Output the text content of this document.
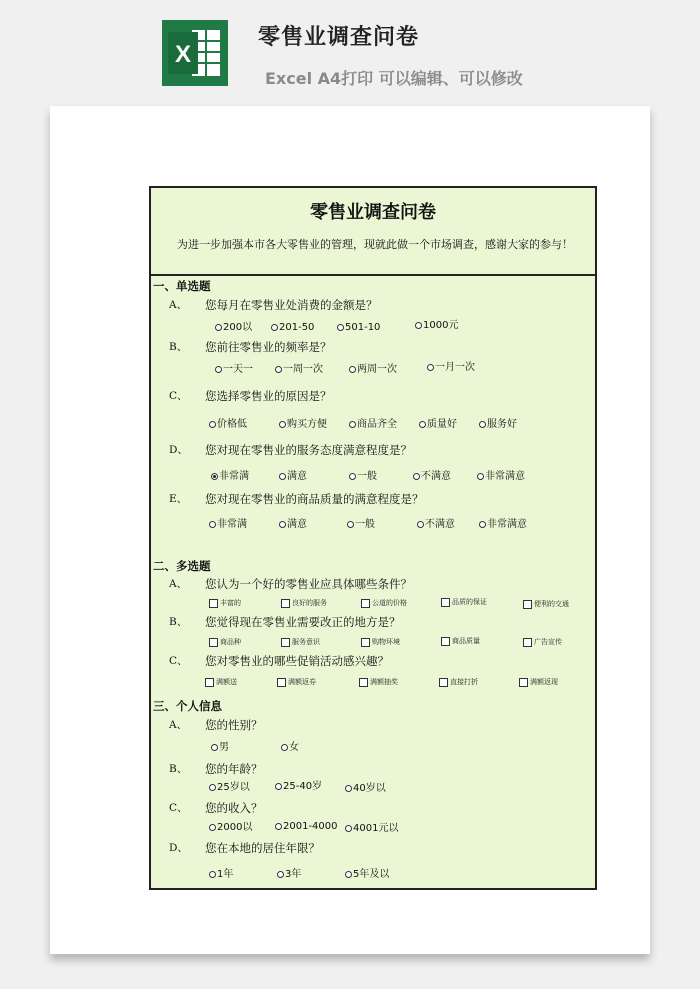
X
零售业调查问卷
Excel A4打印 可以编辑、可以修改
零售业调查问卷
为进一步加强本市各大零售业的管理，现就此做一个市场调查，感谢大家的参与！
一、单选题
A、 您每月在零售业处消费的金额是？
200以	201-50	501-10	1000元
B、 您前往零售业的频率是？
一天一	一周一次	两周一次	一月一次
C、 您选择零售业的原因是？
价格低	购买方便	商品齐全	质量好	服务好
D、 您对现在零售业的服务态度满意程度是？
非常满	满意	一般	不满意	非常满意
E、 您对现在零售业的商品质量的满意程度是？
非常满	满意	一般	不满意	非常满意
二、多选题
A、 您认为一个好的零售业应具体哪些条件？
丰富的	良好的服务	公道的价格	品质的保证	便利的交通
B、 您觉得现在零售业需要改正的地方是？
商品种	服务意识	购物环境	商品质量	广告宣传
C、 您对零售业的哪些促销活动感兴趣？
满额送	满额返券	满额抽奖	直接打折	满额返现
三、个人信息
A、 您的性别？
男	女
B、 您的年龄？
25岁以	25-40岁	40岁以
C、 您的收入？
2000以	2001-4000 4001元以
D、 您在本地的居住年限？
1年	3年	5年及以
